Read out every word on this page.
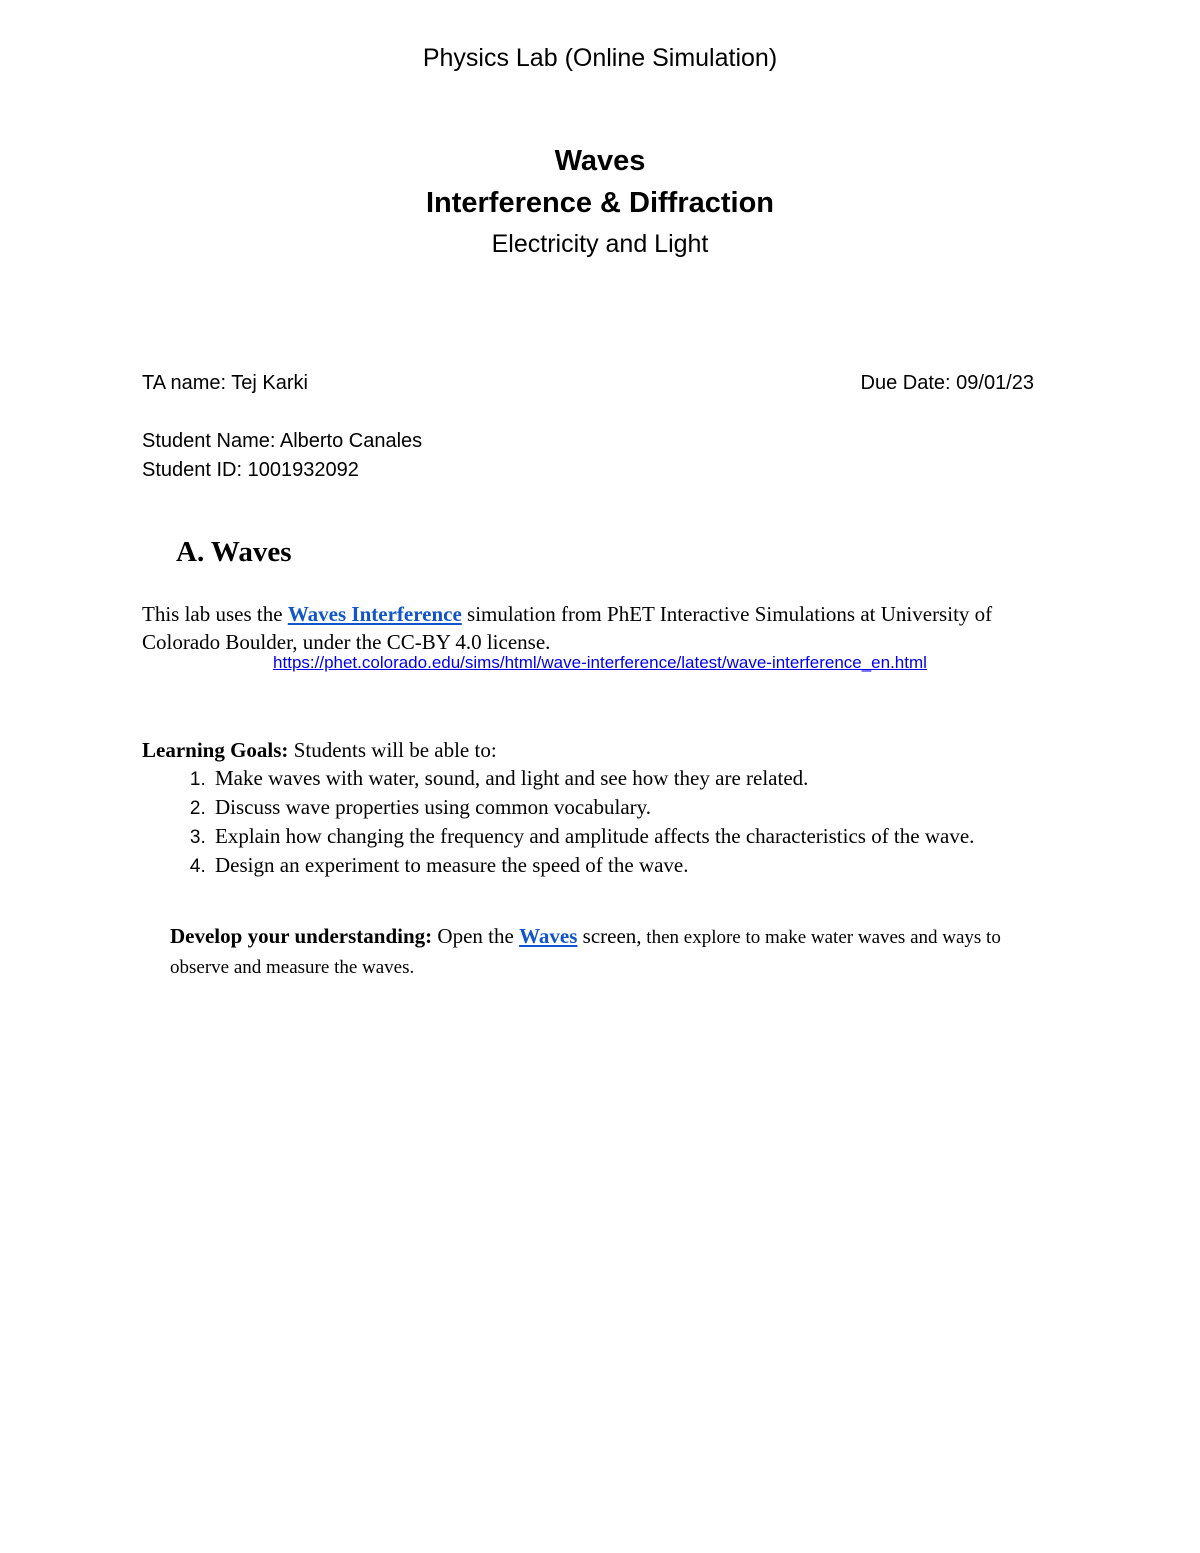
Physics Lab (Online Simulation)
Waves
Interference & Diffraction
Electricity and Light
TA name: Tej Karki	Due Date: 09/01/23
Student Name: Alberto Canales
Student ID: 1001932092
A. Waves
This lab uses the Waves Interference simulation from PhET Interactive Simulations at University of Colorado Boulder, under the CC-BY 4.0 license.
https://phet.colorado.edu/sims/html/wave-interference/latest/wave-interference_en.html
Learning Goals: Students will be able to:
1. Make waves with water, sound, and light and see how they are related.
2. Discuss wave properties using common vocabulary.
3. Explain how changing the frequency and amplitude affects the characteristics of the wave.
4. Design an experiment to measure the speed of the wave.
Develop your understanding: Open the Waves screen, then explore to make water waves and ways to observe and measure the waves.
